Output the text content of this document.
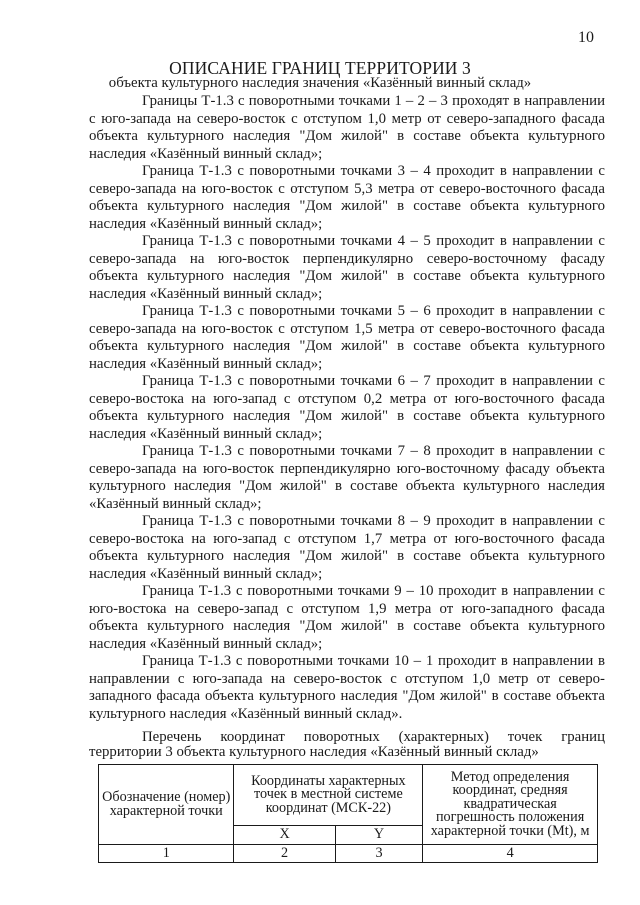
10
ОПИСАНИЕ ГРАНИЦ ТЕРРИТОРИИ 3
объекта культурного наследия значения «Казённый винный склад»

Границы Т-1.3 с поворотными точками 1 – 2 – 3 проходят в направлении с юго-запада на северо-восток с отступом 1,0 метр от северо-западного фасада объекта культурного наследия "Дом жилой" в составе объекта культурного наследия «Казённый винный склад»;

Граница Т-1.3 с поворотными точками 3 – 4 проходит в направлении с северо-запада на юго-восток с отступом 5,3 метра от северо-восточного фасада объекта культурного наследия "Дом жилой" в составе объекта культурного наследия «Казённый винный склад»;

Граница Т-1.3 с поворотными точками 4 – 5 проходит в направлении с северо-запада на юго-восток перпендикулярно северо-восточному фасаду объекта культурного наследия "Дом жилой" в составе объекта культурного наследия «Казённый винный склад»;

Граница Т-1.3 с поворотными точками 5 – 6 проходит в направлении с северо-запада на юго-восток с отступом 1,5 метра от северо-восточного фасада объекта культурного наследия "Дом жилой" в составе объекта культурного наследия «Казённый винный склад»;

Граница Т-1.3 с поворотными точками 6 – 7 проходит в направлении с северо-востока на юго-запад с отступом 0,2 метра от юго-восточного фасада объекта культурного наследия "Дом жилой" в составе объекта культурного наследия «Казённый винный склад»;

Граница Т-1.3 с поворотными точками 7 – 8 проходит в направлении с северо-запада на юго-восток перпендикулярно юго-восточному фасаду объекта культурного наследия "Дом жилой" в составе объекта культурного наследия «Казённый винный склад»;

Граница Т-1.3 с поворотными точками 8 – 9 проходит в направлении с северо-востока на юго-запад с отступом 1,7 метра от юго-восточного фасада объекта культурного наследия "Дом жилой" в составе объекта культурного наследия «Казённый винный склад»;

Граница Т-1.3 с поворотными точками 9 – 10 проходит в направлении с юго-востока на северо-запад с отступом 1,9 метра от юго-западного фасада объекта культурного наследия "Дом жилой" в составе объекта культурного наследия «Казённый винный склад»;

Граница Т-1.3 с поворотными точками 10 – 1 проходит в направлении в направлении с юго-запада на северо-восток с отступом 1,0 метр от северо-западного фасада объекта культурного наследия "Дом жилой" в составе объекта культурного наследия «Казённый винный склад».

Перечень координат поворотных (характерных) точек границ территории 3 объекта культурного наследия «Казённый винный склад»
Обозначение (номер) характерной точки	Координаты характерных точек в местной системе координат (МСК-22)		Метод определения координат, средняя квадратическая погрешность положения характерной точки (Mt), м
	X	Y	
1	2	3	4
